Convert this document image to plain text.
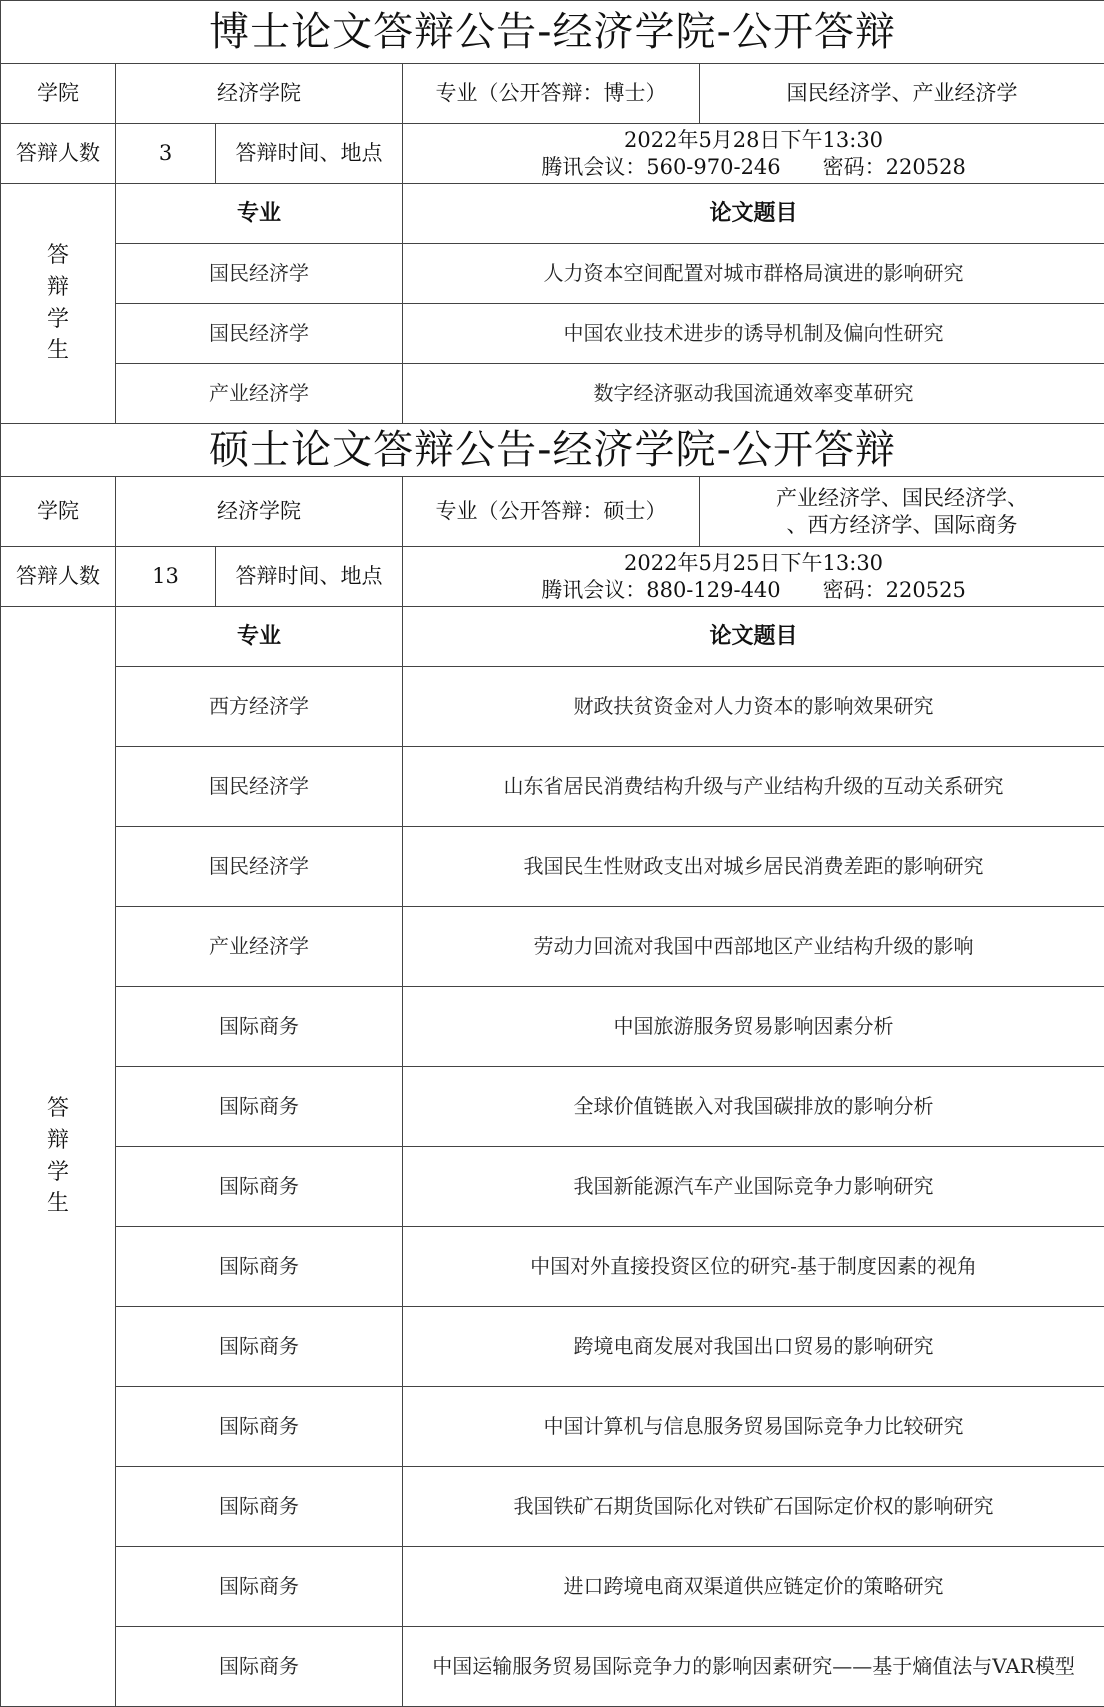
博士论文答辩公告-经济学院-公开答辩				
学院	经济学院		专业（公开答辩：博士）	国民经济学、产业经济学
答辩人数	3	答辩时间、地点	2022年5月28日下午13:30
腾讯会议：560-970-246　　密码：220528	

答
辩
学
生	专业		论文题目	
	国民经济学		人力资本空间配置对城市群格局演进的影响研究	
	国民经济学		中国农业技术进步的诱导机制及偏向性研究	
	产业经济学		数字经济驱动我国流通效率变革研究	
硕士论文答辩公告-经济学院-公开答辩				
学院	经济学院		专业（公开答辩：硕士）	产业经济学、国民经济学、
、西方经济学、国际商务

答辩人数	13	答辩时间、地点	2022年5月25日下午13:30
腾讯会议：880-129-440　　密码：220525	

答
辩
学
生	专业		论文题目	
	西方经济学		财政扶贫资金对人力资本的影响效果研究	
	国民经济学		山东省居民消费结构升级与产业结构升级的互动关系研究	
	国民经济学		我国民生性财政支出对城乡居民消费差距的影响研究	
	产业经济学		劳动力回流对我国中西部地区产业结构升级的影响	
	国际商务		中国旅游服务贸易影响因素分析	
	国际商务		全球价值链嵌入对我国碳排放的影响分析	
	国际商务		我国新能源汽车产业国际竞争力影响研究	
	国际商务		中国对外直接投资区位的研究-基于制度因素的视角	
	国际商务		跨境电商发展对我国出口贸易的影响研究	
	国际商务		中国计算机与信息服务贸易国际竞争力比较研究	
	国际商务		我国铁矿石期货国际化对铁矿石国际定价权的影响研究	
	国际商务		进口跨境电商双渠道供应链定价的策略研究	
	国际商务		中国运输服务贸易国际竞争力的影响因素研究——基于熵值法与VAR模型	
